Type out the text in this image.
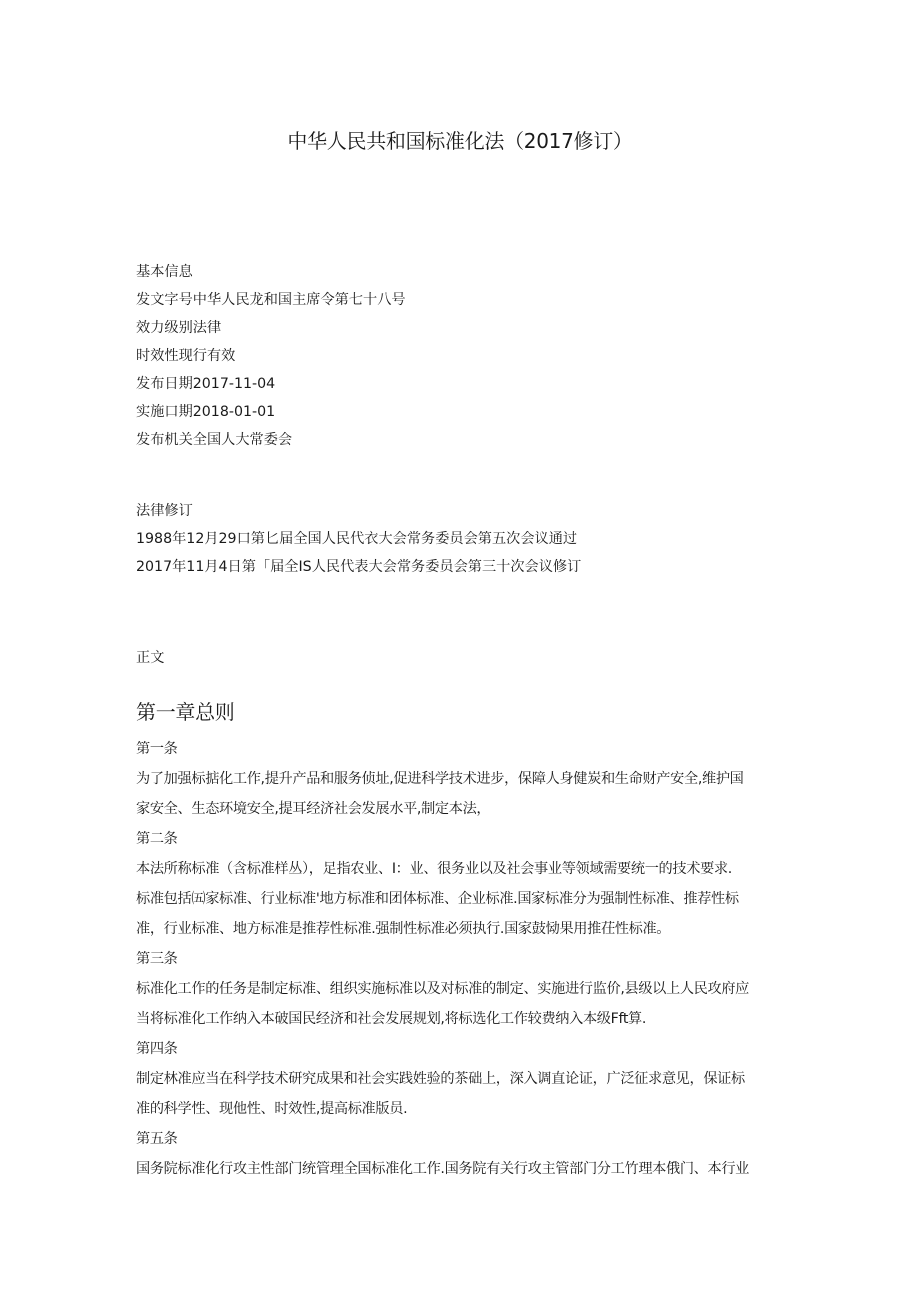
中华人民共和国标准化法（2017修订）
基本信息
发文字号中华人民龙和国主席令第七十八号
效力级别法律
时效性现行有效
发布日期2017-11-04
实施口期2018-01-01
发布机关全国人大常委会
法律修订
1988年12月29口第匕届全国人民代衣大会常务委员会第五次会议通过
2017年11月4日第「届全IS人民代表大会常务委员会第三十次会议修订
正文
第一章总则
第一条
为了加强标掂化工作,提升产品和服务侦址,促进科学技术进步，保障人身健炭和生命财产安全,维护国
家安全、生态环境安全,提耳经济社会发展水平,制定本法，
第二条
本法所称标准（含标准样丛），足指农业、I：业、很务业以及社会事业等领域需要统一的技术要求.
标准包括㈤家标准、行业标准'地方标准和团体标准、企业标准.国家标准分为强制性标准、推荐性标
准，行业标准、地方标准是推荐性标准.强制性标准必须执行.国家鼓恸果用推茌性标准。
第三条
标准化工作的任务是制定标准、组织实施标准以及对标准的制定、实施进行监价,县级以上人民攻府应
当将标准化工作纳入本破国民经济和社会发展规划,将标选化工作较费纳入本级Fft算.
第四条
制定林准应当在科学技术研究成果和社会实践姓验的茶础上，深入调直论证，广泛征求意见，保证标
准的科学性、现他性、时效性,提高标准版员.
第五条
国务院标准化行攻主性部门统管理全国标准化工作.国务院有关行攻主管部门分工竹理本俄门、本行业
